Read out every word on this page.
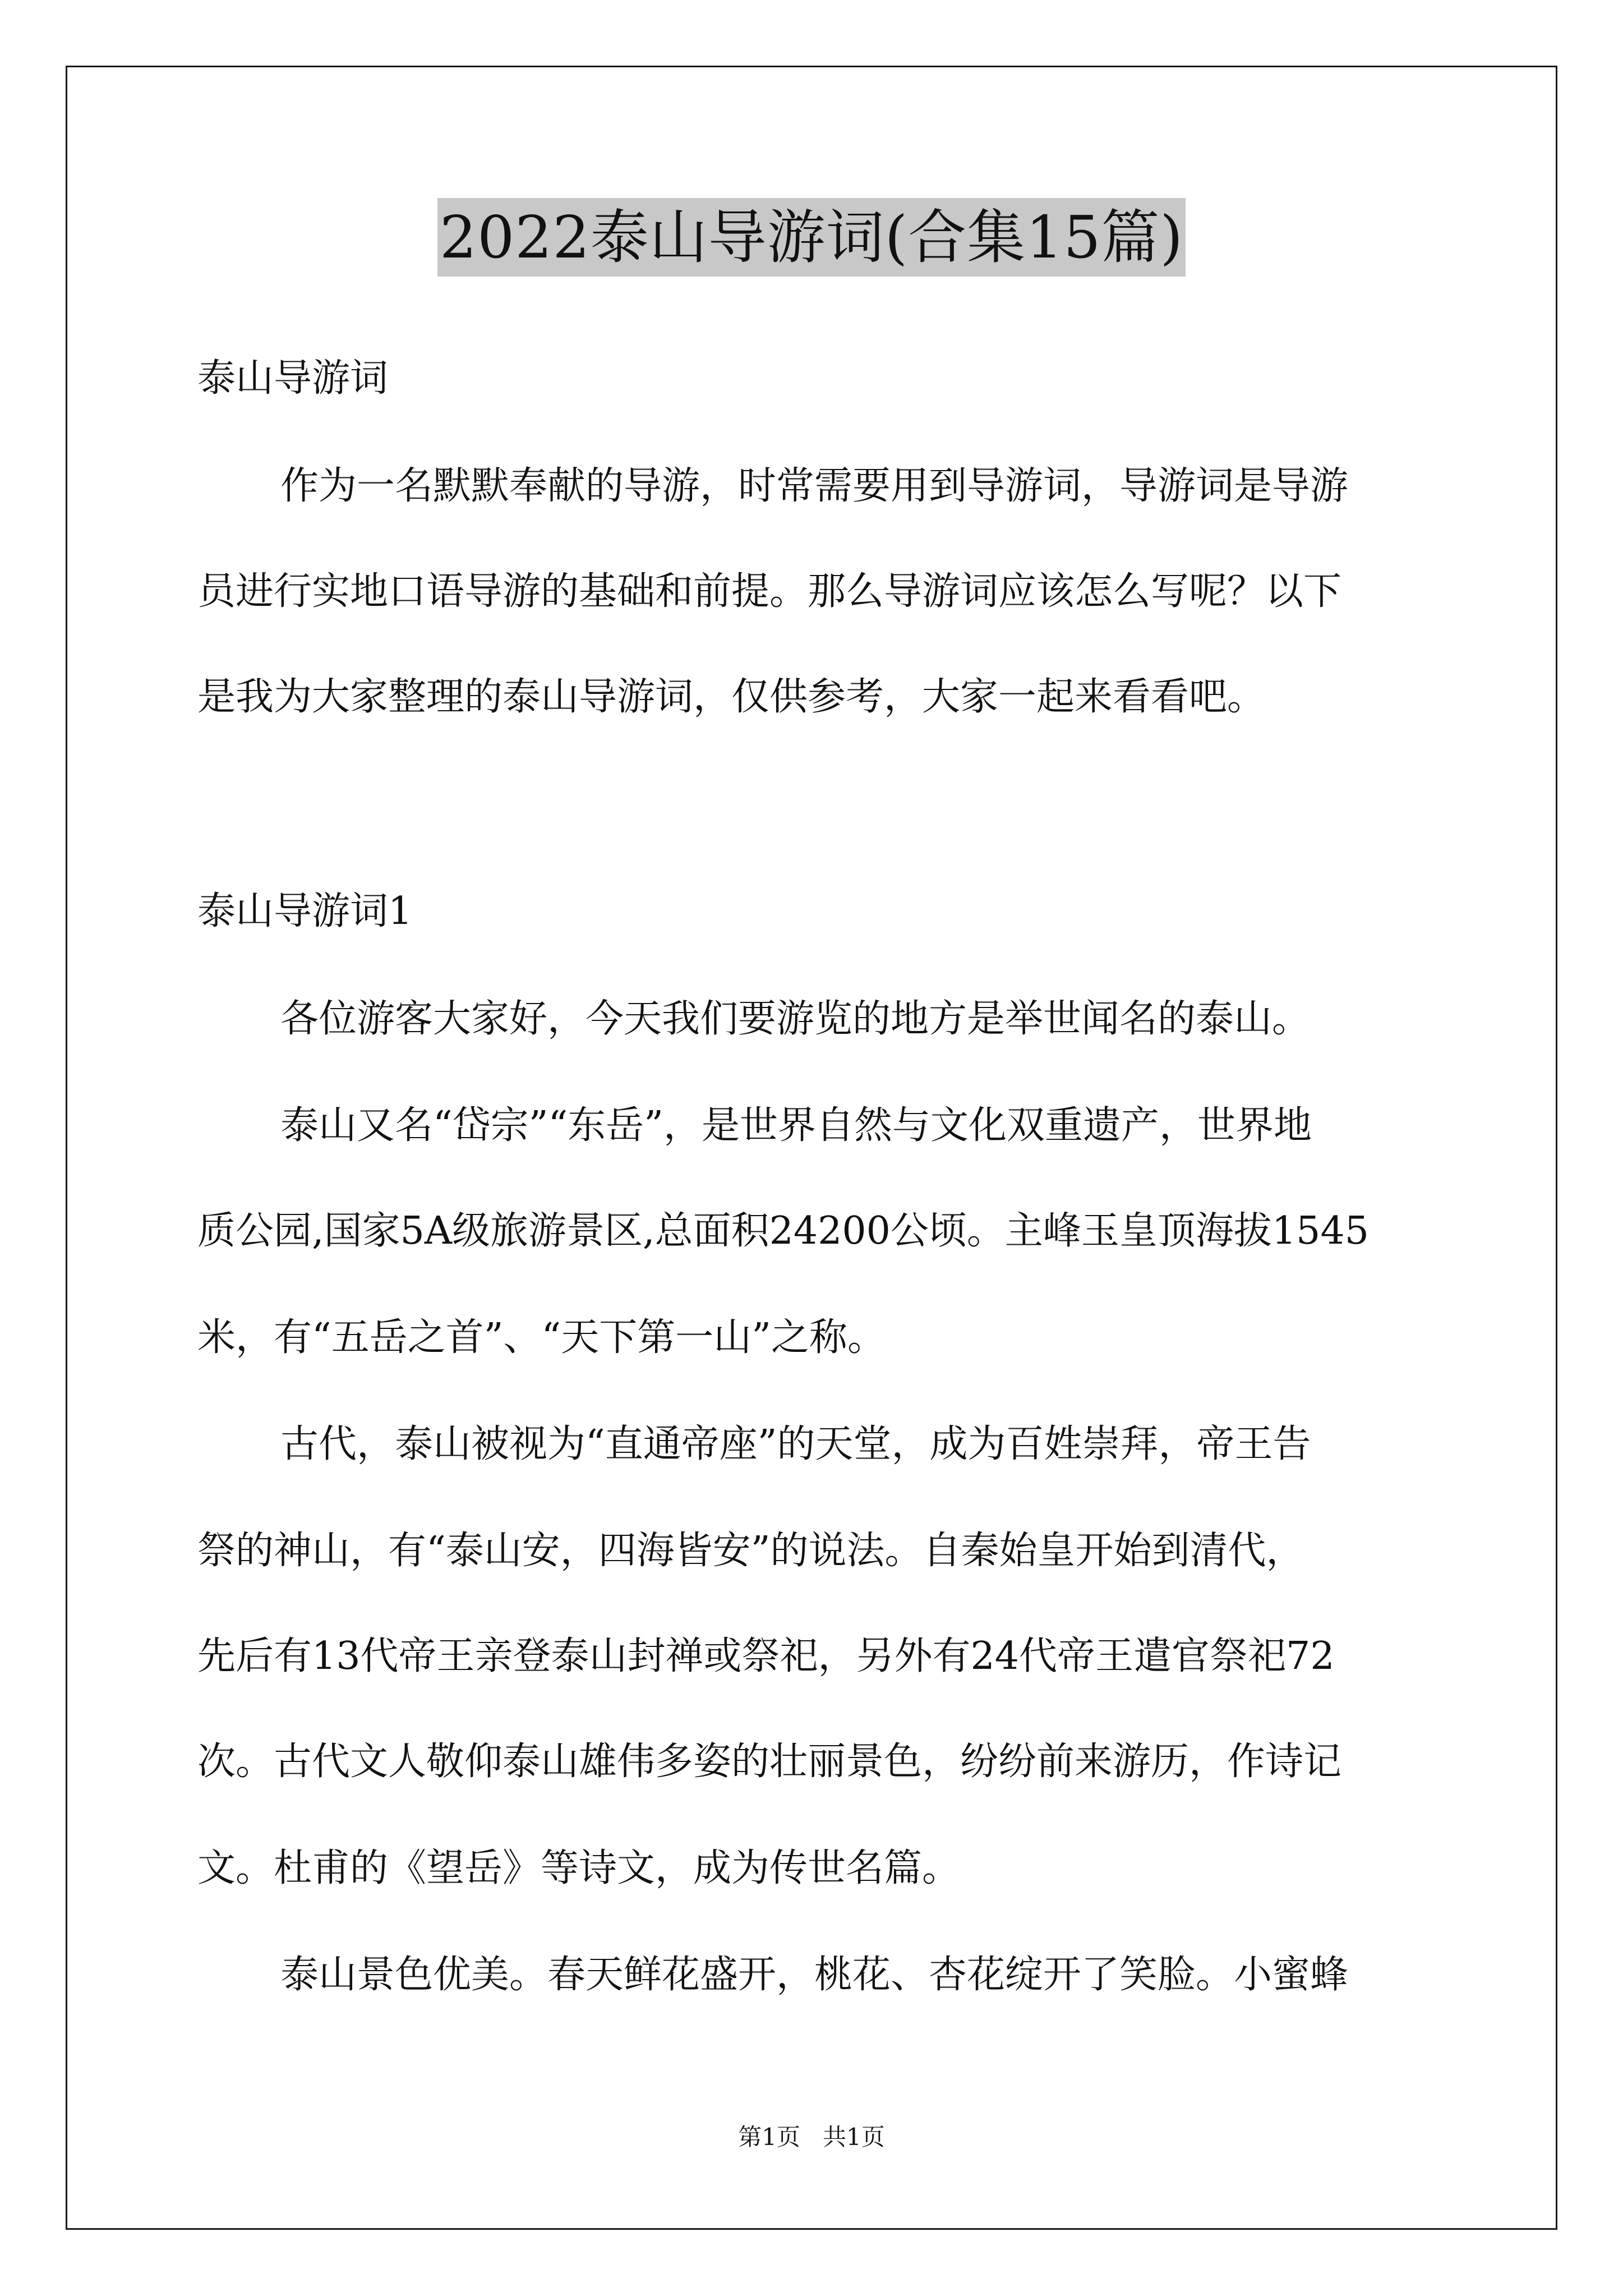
2022泰山导游词(合集15篇)

泰山导游词

作为一名默默奉献的导游，时常需要用到导游词，导游词是导游

员进行实地口语导游的基础和前提。那么导游词应该怎么写呢？以下

是我为大家整理的泰山导游词，仅供参考，大家一起来看看吧。

泰山导游词1

各位游客大家好，今天我们要游览的地方是举世闻名的泰山。

泰山又名“岱宗”“东岳”，是世界自然与文化双重遗产，世界地

质公园,国家5A级旅游景区,总面积24200公顷。主峰玉皇顶海拔1545

米，有“五岳之首”、“天下第一山”之称。

古代，泰山被视为“直通帝座”的天堂，成为百姓崇拜，帝王告

祭的神山，有“泰山安，四海皆安”的说法。自秦始皇开始到清代，

先后有13代帝王亲登泰山封禅或祭祀，另外有24代帝王遣官祭祀72

次。古代文人敬仰泰山雄伟多姿的壮丽景色，纷纷前来游历，作诗记

文。杜甫的《望岳》等诗文，成为传世名篇。

泰山景色优美。春天鲜花盛开，桃花、杏花绽开了笑脸。小蜜蜂

第1页   共1页
